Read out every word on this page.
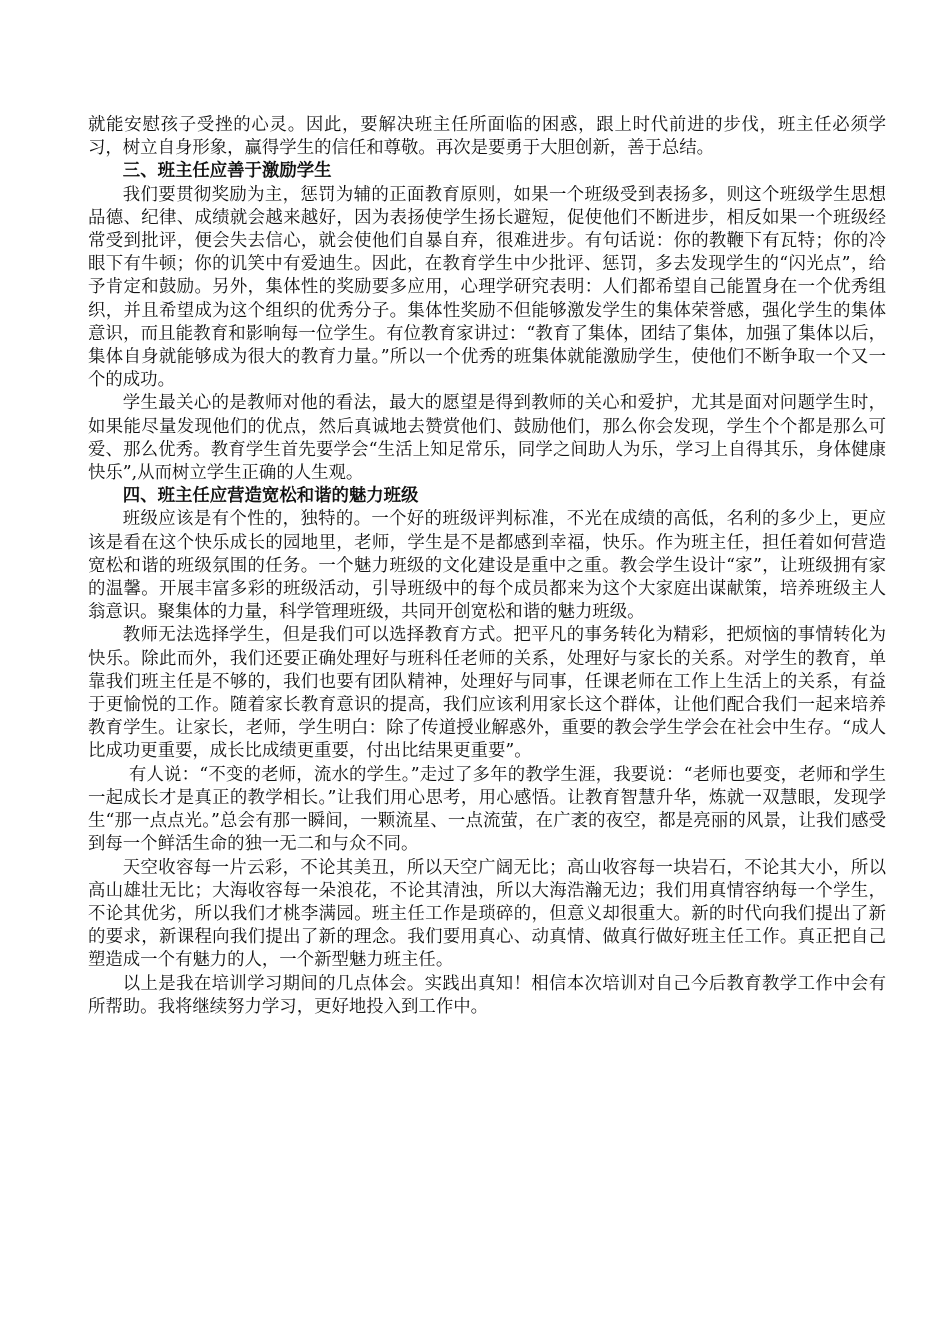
就能安慰孩子受挫的心灵。因此，要解决班主任所面临的困惑，跟上时代前进的步伐，班主任必须学习，树立自身形象，赢得学生的信任和尊敬。再次是要勇于大胆创新，善于总结。

三、班主任应善于激励学生

我们要贯彻奖励为主，惩罚为辅的正面教育原则，如果一个班级受到表扬多，则这个班级学生思想品德、纪律、成绩就会越来越好，因为表扬使学生扬长避短，促使他们不断进步，相反如果一个班级经常受到批评，便会失去信心，就会使他们自暴自弃，很难进步。有句话说：你的教鞭下有瓦特；你的冷眼下有牛顿；你的讥笑中有爱迪生。因此，在教育学生中少批评、惩罚，多去发现学生的“闪光点”，给予肯定和鼓励。另外，集体性的奖励要多应用，心理学研究表明：人们都希望自己能置身在一个优秀组织，并且希望成为这个组织的优秀分子。集体性奖励不但能够激发学生的集体荣誉感，强化学生的集体意识，而且能教育和影响每一位学生。有位教育家讲过：“教育了集体，团结了集体，加强了集体以后，集体自身就能够成为很大的教育力量。”所以一个优秀的班集体就能激励学生，使他们不断争取一个又一个的成功。

学生最关心的是教师对他的看法，最大的愿望是得到教师的关心和爱护，尤其是面对问题学生时，如果能尽量发现他们的优点，然后真诚地去赞赏他们、鼓励他们，那么你会发现，学生个个都是那么可爱、那么优秀。教育学生首先要学会“生活上知足常乐，同学之间助人为乐，学习上自得其乐，身体健康快乐”,从而树立学生正确的人生观。

四、班主任应营造宽松和谐的魅力班级

班级应该是有个性的，独特的。一个好的班级评判标准，不光在成绩的高低，名利的多少上，更应该是看在这个快乐成长的园地里，老师，学生是不是都感到幸福，快乐。作为班主任，担任着如何营造宽松和谐的班级氛围的任务。一个魅力班级的文化建设是重中之重。教会学生设计“家”，让班级拥有家的温馨。开展丰富多彩的班级活动，引导班级中的每个成员都来为这个大家庭出谋献策，培养班级主人翁意识。聚集体的力量，科学管理班级，共同开创宽松和谐的魅力班级。

教师无法选择学生，但是我们可以选择教育方式。把平凡的事务转化为精彩，把烦恼的事情转化为快乐。除此而外，我们还要正确处理好与班科任老师的关系，处理好与家长的关系。对学生的教育，单靠我们班主任是不够的，我们也要有团队精神，处理好与同事，任课老师在工作上生活上的关系，有益于更愉悦的工作。随着家长教育意识的提高，我们应该利用家长这个群体，让他们配合我们一起来培养教育学生。让家长，老师，学生明白：除了传道授业解惑外，重要的教会学生学会在社会中生存。“成人比成功更重要，成长比成绩更重要，付出比结果更重要”。

有人说：“不变的老师，流水的学生。”走过了多年的教学生涯，我要说：“老师也要变，老师和学生一起成长才是真正的教学相长。”让我们用心思考，用心感悟。让教育智慧升华，炼就一双慧眼，发现学生“那一点点光。”总会有那一瞬间，一颗流星、一点流萤，在广袤的夜空，都是亮丽的风景，让我们感受到每一个鲜活生命的独一无二和与众不同。

天空收容每一片云彩，不论其美丑，所以天空广阔无比；高山收容每一块岩石，不论其大小，所以高山雄壮无比；大海收容每一朵浪花，不论其清浊，所以大海浩瀚无边；我们用真情容纳每一个学生，不论其优劣，所以我们才桃李满园。班主任工作是琐碎的，但意义却很重大。新的时代向我们提出了新的要求，新课程向我们提出了新的理念。我们要用真心、动真情、做真行做好班主任工作。真正把自己塑造成一个有魅力的人，一个新型魅力班主任。

以上是我在培训学习期间的几点体会。实践出真知！相信本次培训对自己今后教育教学工作中会有所帮助。我将继续努力学习，更好地投入到工作中。
